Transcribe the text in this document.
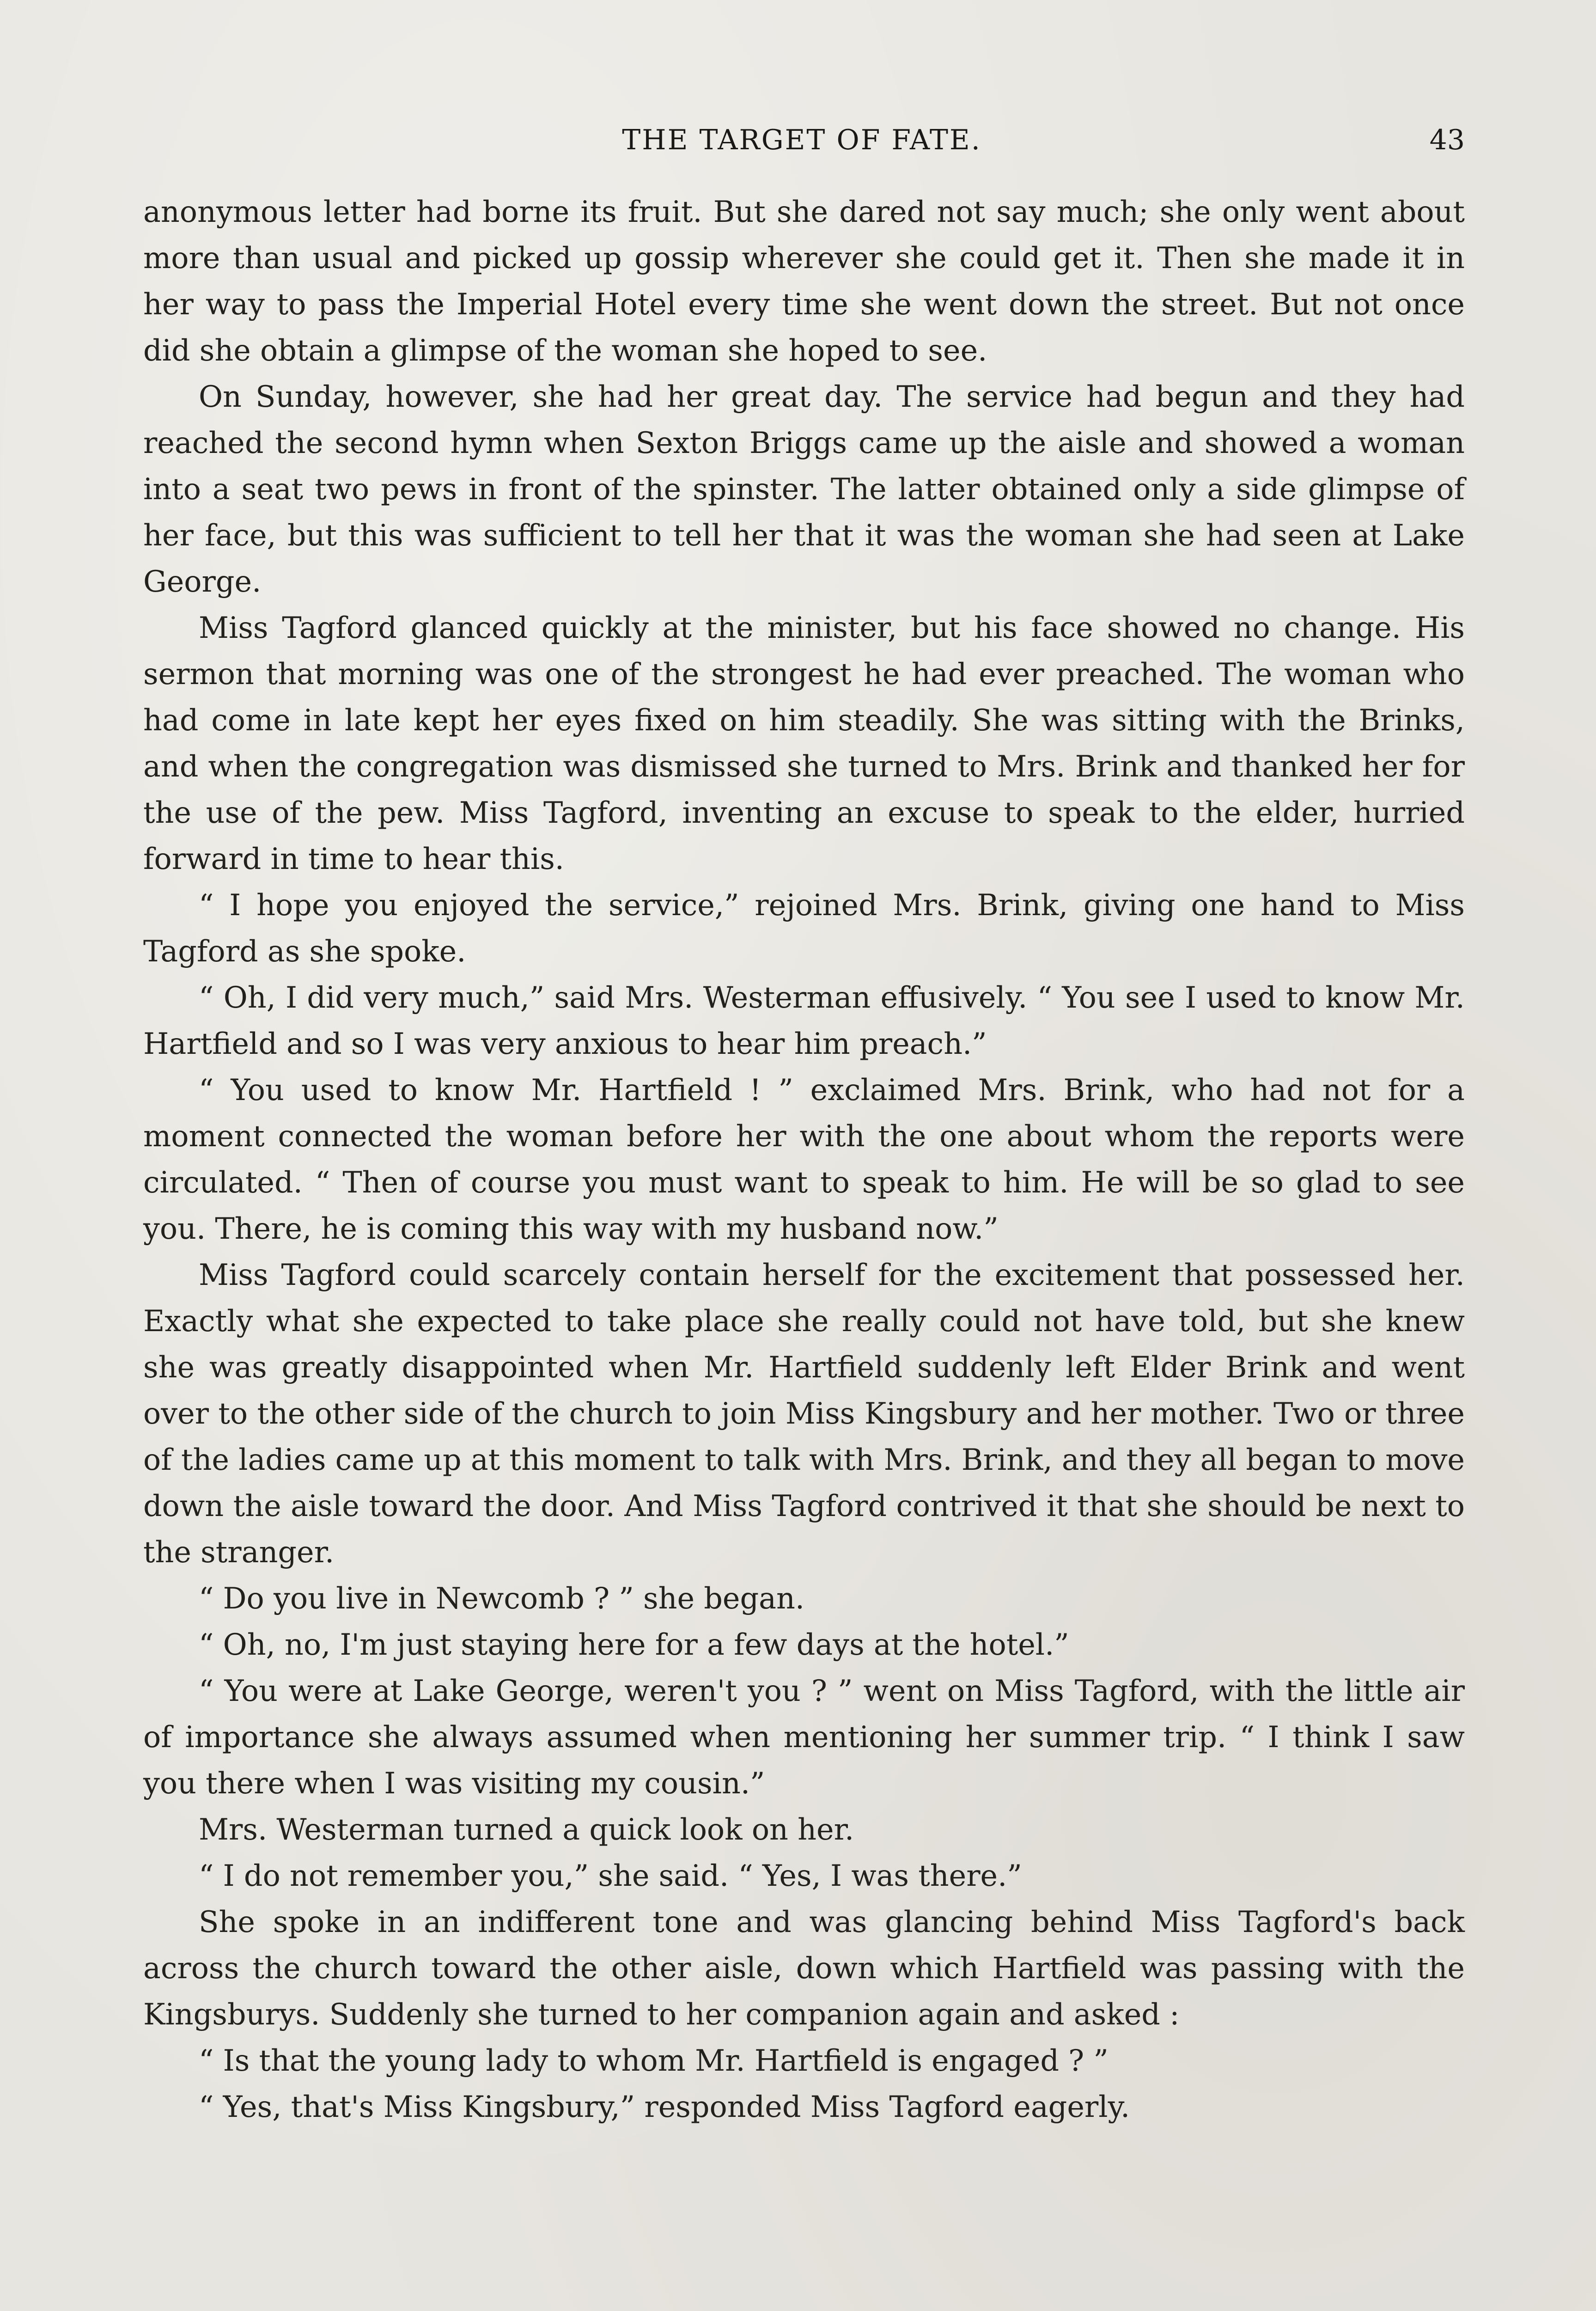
THE TARGET OF FATE.	43

anonymous letter had borne its fruit. But she dared not say much; she only went about more than usual and picked up gossip wherever she could get it. Then she made it in her way to pass the Imperial Hotel every time she went down the street. But not once did she obtain a glimpse of the woman she hoped to see.

On Sunday, however, she had her great day. The service had begun and they had reached the second hymn when Sexton Briggs came up the aisle and showed a woman into a seat two pews in front of the spinster. The latter obtained only a side glimpse of her face, but this was sufficient to tell her that it was the woman she had seen at Lake George.

Miss Tagford glanced quickly at the minister, but his face showed no change. His sermon that morning was one of the strongest he had ever preached. The woman who had come in late kept her eyes fixed on him steadily. She was sitting with the Brinks, and when the congregation was dismissed she turned to Mrs. Brink and thanked her for the use of the pew. Miss Tagford, inventing an excuse to speak to the elder, hurried forward in time to hear this.

“ I hope you enjoyed the service,” rejoined Mrs. Brink, giving one hand to Miss Tagford as she spoke.

“ Oh, I did very much,” said Mrs. Westerman effusively. “ You see I used to know Mr. Hartfield and so I was very anxious to hear him preach.”

“ You used to know Mr. Hartfield ! ” exclaimed Mrs. Brink, who had not for a moment connected the woman before her with the one about whom the reports were circulated. “ Then of course you must want to speak to him. He will be so glad to see you. There, he is coming this way with my husband now.”

Miss Tagford could scarcely contain herself for the excitement that possessed her. Exactly what she expected to take place she really could not have told, but she knew she was greatly disappointed when Mr. Hartfield suddenly left Elder Brink and went over to the other side of the church to join Miss Kingsbury and her mother. Two or three of the ladies came up at this moment to talk with Mrs. Brink, and they all began to move down the aisle toward the door. And Miss Tagford contrived it that she should be next to the stranger.

“ Do you live in Newcomb ? ” she began.

“ Oh, no, I'm just staying here for a few days at the hotel.”

“ You were at Lake George, weren't you ? ” went on Miss Tagford, with the little air of importance she always assumed when mentioning her summer trip. “ I think I saw you there when I was visiting my cousin.”

Mrs. Westerman turned a quick look on her.

“ I do not remember you,” she said. “ Yes, I was there.”

She spoke in an indifferent tone and was glancing behind Miss Tagford's back across the church toward the other aisle, down which Hartfield was passing with the Kingsburys. Suddenly she turned to her companion again and asked :

“ Is that the young lady to whom Mr. Hartfield is engaged ? ”

“ Yes, that's Miss Kingsbury,” responded Miss Tagford eagerly.
